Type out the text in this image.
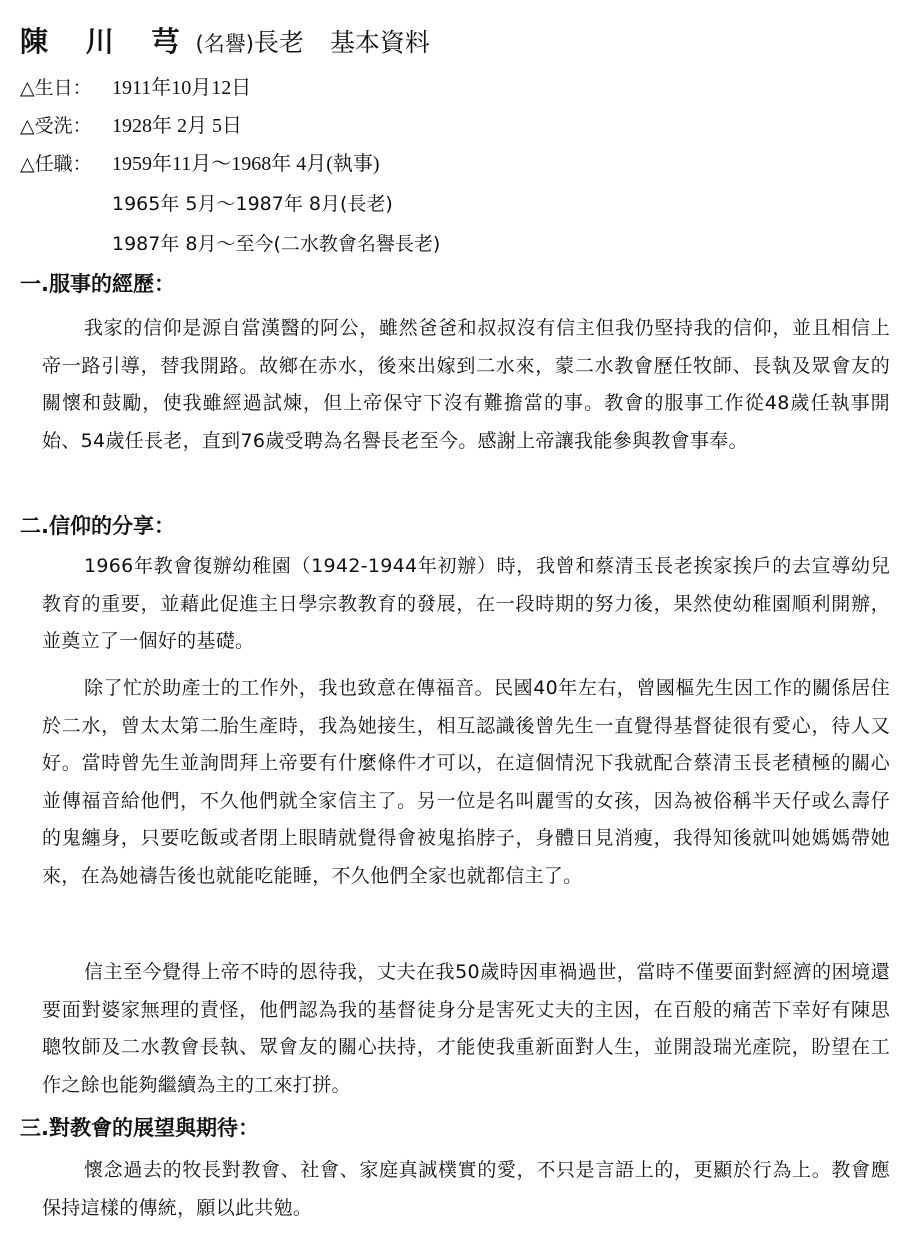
陳 川 芎 (名譽) 長老 基本資料
△生日： 1911年10月12日
△受洗： 1928年 2月 5日
△任職： 1959年11月～1968年 4月(執事)
1965年 5月～1987年 8月(長老)
1987年 8月～至今(二水教會名譽長老)
一.服事的經歷：
我家的信仰是源自當漢醫的阿公，雖然爸爸和叔叔沒有信主但我仍堅持我的信仰，並且相信上帝一路引導，替我開路。故鄉在赤水，後來出嫁到二水來，蒙二水教會歷任牧師、長執及眾會友的關懷和鼓勵，使我雖經過試煉，但上帝保守下沒有難擔當的事。教會的服事工作從48歲任執事開始、54歲任長老，直到76歲受聘為名譽長老至今。感謝上帝讓我能參與教會事奉。
二.信仰的分享：
1966年教會復辦幼稚園（1942-1944年初辦）時，我曾和蔡清玉長老挨家挨戶的去宣導幼兒教育的重要，並藉此促進主日學宗教教育的發展，在一段時期的努力後，果然使幼稚園順利開辦，並奠立了一個好的基礎。
除了忙於助產士的工作外，我也致意在傳福音。民國40年左右，曾國樞先生因工作的關係居住於二水，曾太太第二胎生產時，我為她接生，相互認識後曾先生一直覺得基督徒很有愛心，待人又好。當時曾先生並詢問拜上帝要有什麼條件才可以，在這個情況下我就配合蔡清玉長老積極的關心並傳福音給他們，不久他們就全家信主了。另一位是名叫麗雪的女孩，因為被俗稱半天仔或么壽仔的鬼纏身，只要吃飯或者閉上眼睛就覺得會被鬼掐脖子，身體日見消瘦，我得知後就叫她媽媽帶她來，在為她禱告後也就能吃能睡，不久他們全家也就都信主了。
信主至今覺得上帝不時的恩待我，丈夫在我50歲時因車禍過世，當時不僅要面對經濟的困境還要面對婆家無理的責怪，他們認為我的基督徒身分是害死丈夫的主因，在百般的痛苦下幸好有陳思聰牧師及二水教會長執、眾會友的關心扶持，才能使我重新面對人生，並開設瑞光產院，盼望在工作之餘也能夠繼續為主的工來打拼。
三.對教會的展望與期待：
懷念過去的牧長對教會、社會、家庭真誠樸實的愛，不只是言語上的，更顯於行為上。教會應保持這樣的傳統，願以此共勉。
